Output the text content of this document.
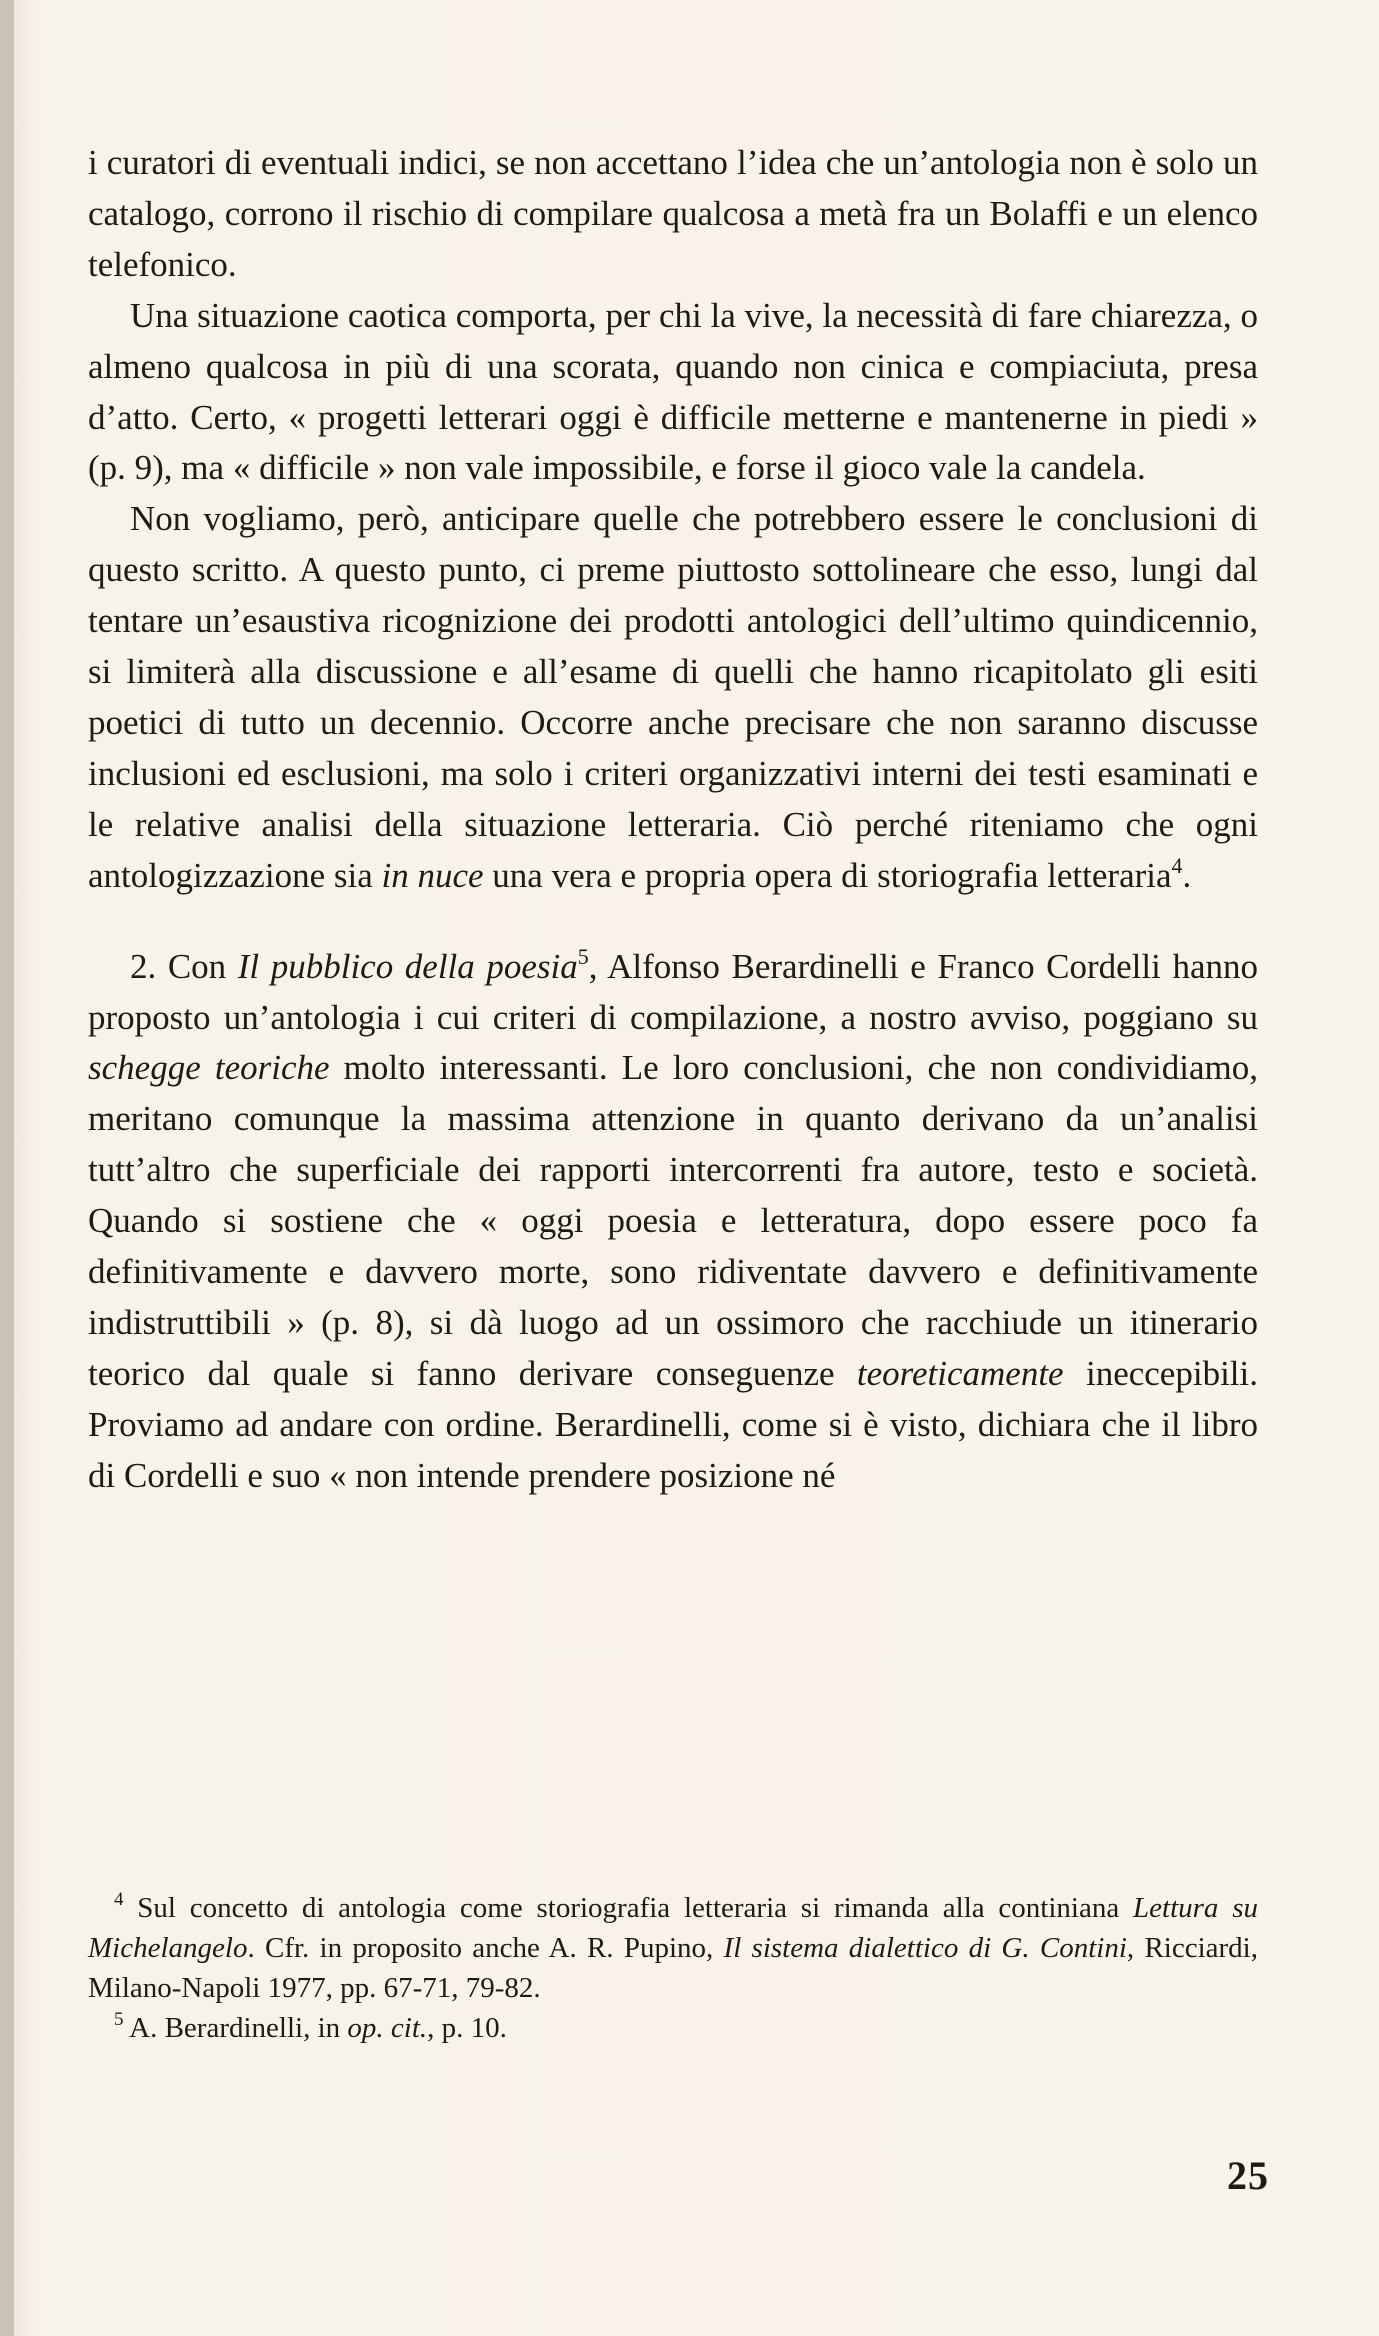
i curatori di eventuali indici, se non accettano l’idea che un’antologia non è solo un catalogo, corrono il rischio di compilare qualcosa a metà fra un Bolaffi e un elenco telefonico.

Una situazione caotica comporta, per chi la vive, la necessità di fare chiarezza, o almeno qualcosa in più di una scorata, quando non cinica e compiaciuta, presa d’atto. Certo, « progetti letterari oggi è difficile metterne e mantenerne in piedi » (p. 9), ma « difficile » non vale impossibile, e forse il gioco vale la candela.

Non vogliamo, però, anticipare quelle che potrebbero essere le conclusioni di questo scritto. A questo punto, ci preme piuttosto sottolineare che esso, lungi dal tentare un’esaustiva ricognizione dei prodotti antologici dell’ultimo quindicennio, si limiterà alla discussione e all’esame di quelli che hanno ricapitolato gli esiti poetici di tutto un decennio. Occorre anche precisare che non saranno discusse inclusioni ed esclusioni, ma solo i criteri organizzativi interni dei testi esaminati e le relative analisi della situazione letteraria. Ciò perché riteniamo che ogni antologizzazione sia in nuce una vera e propria opera di storiografia letteraria$^4$.

2. Con Il pubblico della poesia$^5$, Alfonso Berardinelli e Franco Cordelli hanno proposto un’antologia i cui criteri di compilazione, a nostro avviso, poggiano su schegge teoriche molto interessanti. Le loro conclusioni, che non condividiamo, meritano comunque la massima attenzione in quanto derivano da un’analisi tutt’altro che superficiale dei rapporti intercorrenti fra autore, testo e società. Quando si sostiene che « oggi poesia e letteratura, dopo essere poco fa definitivamente e davvero morte, sono ridiventate davvero e definitivamente indistruttibili » (p. 8), si dà luogo ad un ossimoro che racchiude un itinerario teorico dal quale si fanno derivare conseguenze teoreticamente ineccepibili. Proviamo ad andare con ordine. Berardinelli, come si è visto, dichiara che il libro di Cordelli e suo « non intende prendere posizione né

$^4$ Sul concetto di antologia come storiografia letteraria si rimanda alla continiana Lettura su Michelangelo. Cfr. in proposito anche A. R. Pupino, Il sistema dialettico di G. Contini, Ricciardi, Milano-Napoli 1977, pp. 67-71, 79-82.

$^5$ A. Berardinelli, in op. cit., p. 10.

25
